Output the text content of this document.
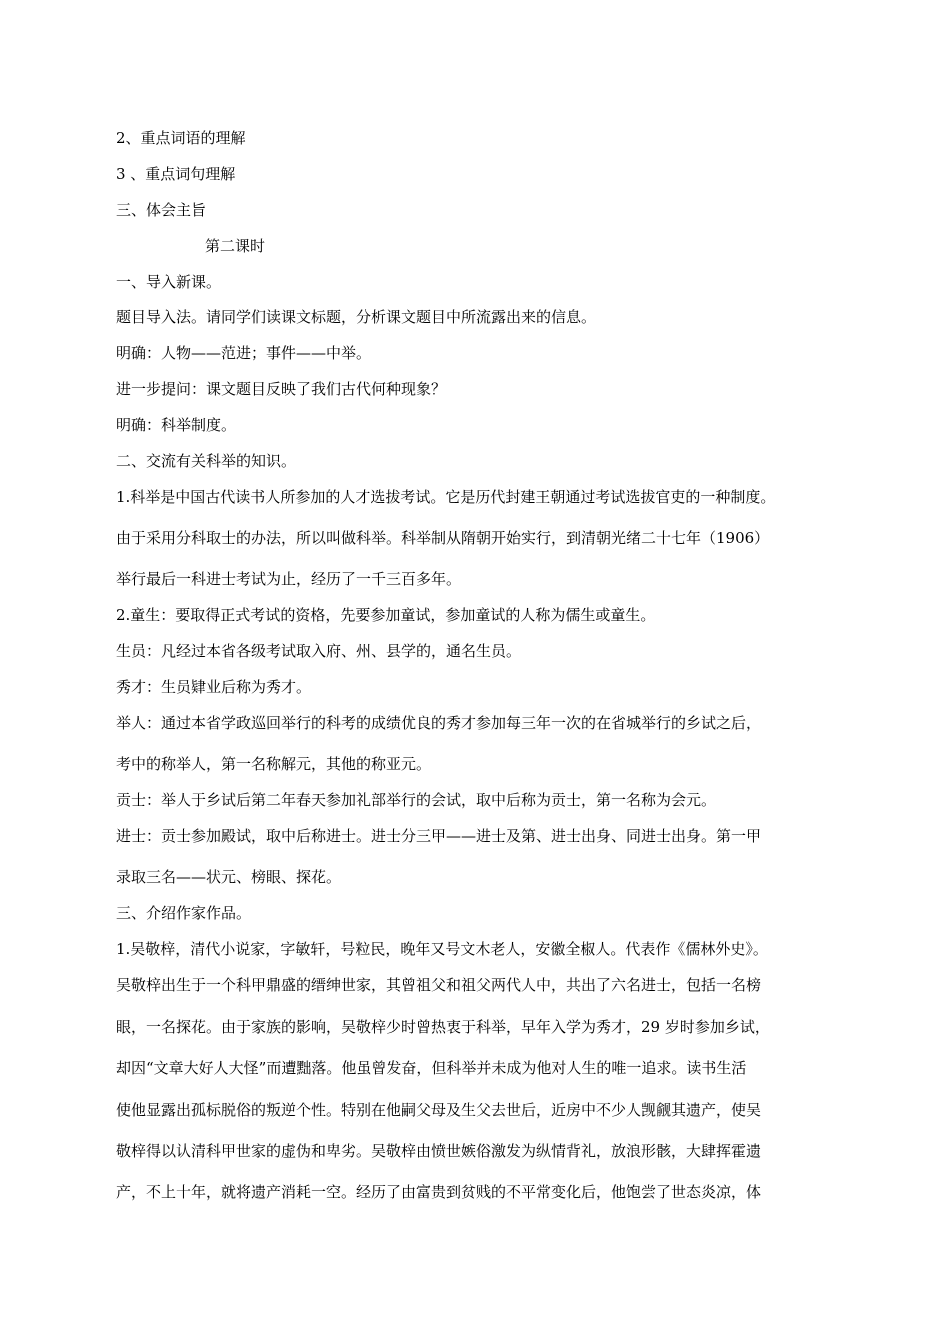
2、重点词语的理解
3 、重点词句理解
三、体会主旨
第二课时
一、导入新课。
题目导入法。请同学们读课文标题，分析课文题目中所流露出来的信息。
明确：人物——范进；事件——中举。
进一步提问：课文题目反映了我们古代何种现象？
明确：科举制度。
二、交流有关科举的知识。
1.科举是中国古代读书人所参加的人才选拔考试。它是历代封建王朝通过考试选拔官吏的一种制度。
由于采用分科取士的办法，所以叫做科举。科举制从隋朝开始实行，到清朝光绪二十七年（1906）
举行最后一科进士考试为止，经历了一千三百多年。
2.童生：要取得正式考试的资格，先要参加童试，参加童试的人称为儒生或童生。
生员：凡经过本省各级考试取入府、州、县学的，通名生员。
秀才：生员肄业后称为秀才。
举人：通过本省学政巡回举行的科考的成绩优良的秀才参加每三年一次的在省城举行的乡试之后，
考中的称举人，第一名称解元，其他的称亚元。
贡士：举人于乡试后第二年春天参加礼部举行的会试，取中后称为贡士，第一名称为会元。
进士：贡士参加殿试，取中后称进士。进士分三甲——进士及第、进士出身、同进士出身。第一甲
录取三名——状元、榜眼、探花。
三、介绍作家作品。
1.吴敬梓，清代小说家，字敏轩，号粒民，晚年又号文木老人，安徽全椒人。代表作《儒林外史》。
吴敬梓出生于一个科甲鼎盛的缙绅世家，其曾祖父和祖父两代人中，共出了六名进士，包括一名榜
眼，一名探花。由于家族的影响，吴敬梓少时曾热衷于科举，早年入学为秀才，29 岁时参加乡试，
却因“文章大好人大怪”而遭黜落。他虽曾发奋，但科举并未成为他对人生的唯一追求。读书生活
使他显露出孤标脱俗的叛逆个性。特别在他嗣父母及生父去世后，近房中不少人觊觎其遗产，使吴
敬梓得以认清科甲世家的虚伪和卑劣。吴敬梓由愤世嫉俗激发为纵情背礼，放浪形骸，大肆挥霍遗
产，不上十年，就将遗产消耗一空。经历了由富贵到贫贱的不平常变化后，他饱尝了世态炎凉，体
